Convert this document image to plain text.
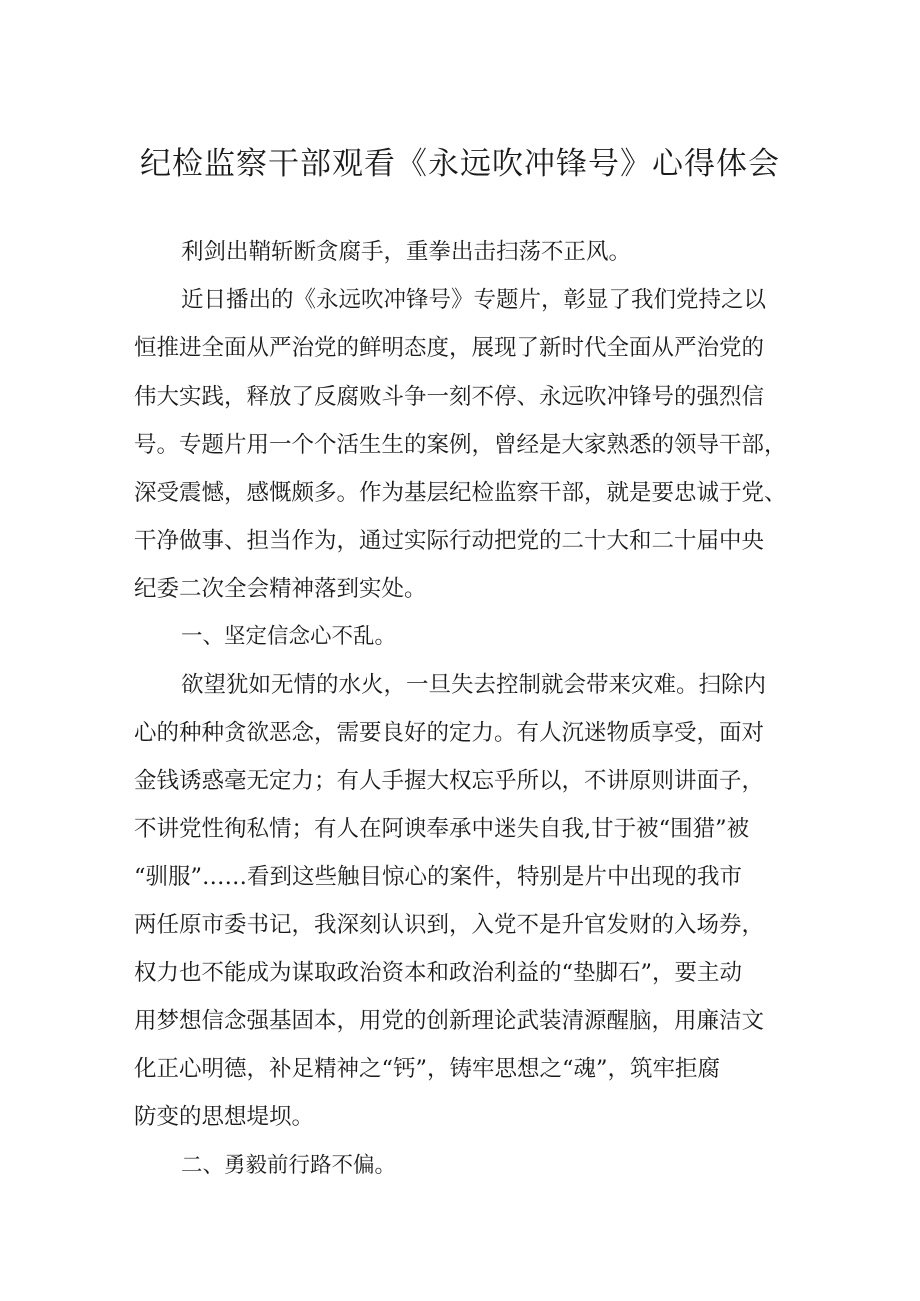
纪检监察干部观看《永远吹冲锋号》心得体会

利剑出鞘斩断贪腐手，重拳出击扫荡不正风。

近日播出的《永远吹冲锋号》专题片，彰显了我们党持之以

恒推进全面从严治党的鲜明态度，展现了新时代全面从严治党的

伟大实践，释放了反腐败斗争一刻不停、永远吹冲锋号的强烈信

号。专题片用一个个活生生的案例，曾经是大家熟悉的领导干部，

深受震憾，感慨颇多。作为基层纪检监察干部，就是要忠诚于党、

干净做事、担当作为，通过实际行动把党的二十大和二十届中央

纪委二次全会精神落到实处。

一、坚定信念心不乱。

欲望犹如无情的水火，一旦失去控制就会带来灾难。扫除内

心的种种贪欲恶念，需要良好的定力。有人沉迷物质享受，面对

金钱诱惑毫无定力；有人手握大权忘乎所以，不讲原则讲面子，

不讲党性徇私情；有人在阿谀奉承中迷失自我,甘于被“围猎”被

“驯服”……看到这些触目惊心的案件，特别是片中出现的我市

两任原市委书记，我深刻认识到，入党不是升官发财的入场券，

权力也不能成为谋取政治资本和政治利益的“垫脚石”，要主动

用梦想信念强基固本，用党的创新理论武装清源醒脑，用廉洁文

化正心明德，补足精神之“钙”，铸牢思想之“魂”，筑牢拒腐

防变的思想堤坝。

二、勇毅前行路不偏。
